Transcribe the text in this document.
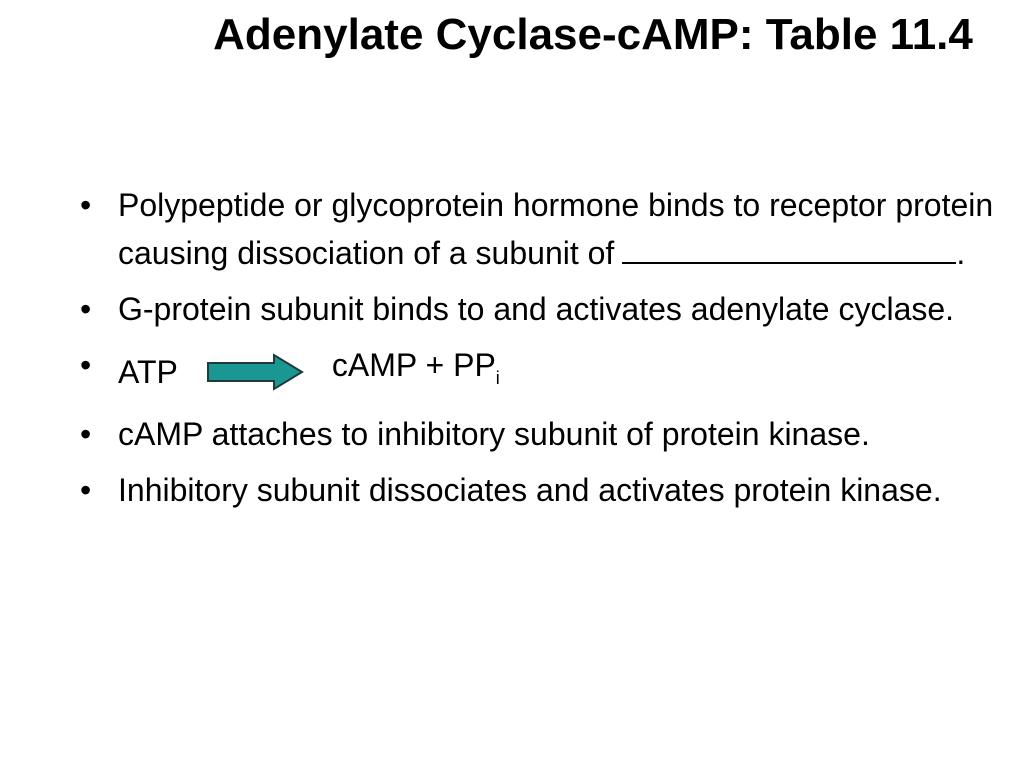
Adenylate Cyclase-cAMP: Table 11.4
• Polypeptide or glycoprotein hormone binds to receptor protein causing dissociation of a subunit of	.
• G-protein subunit binds to and activates adenylate cyclase.
• ATP	cAMP + $PP_i$
• cAMP attaches to inhibitory subunit of protein kinase.
• Inhibitory subunit dissociates and activates protein kinase.
